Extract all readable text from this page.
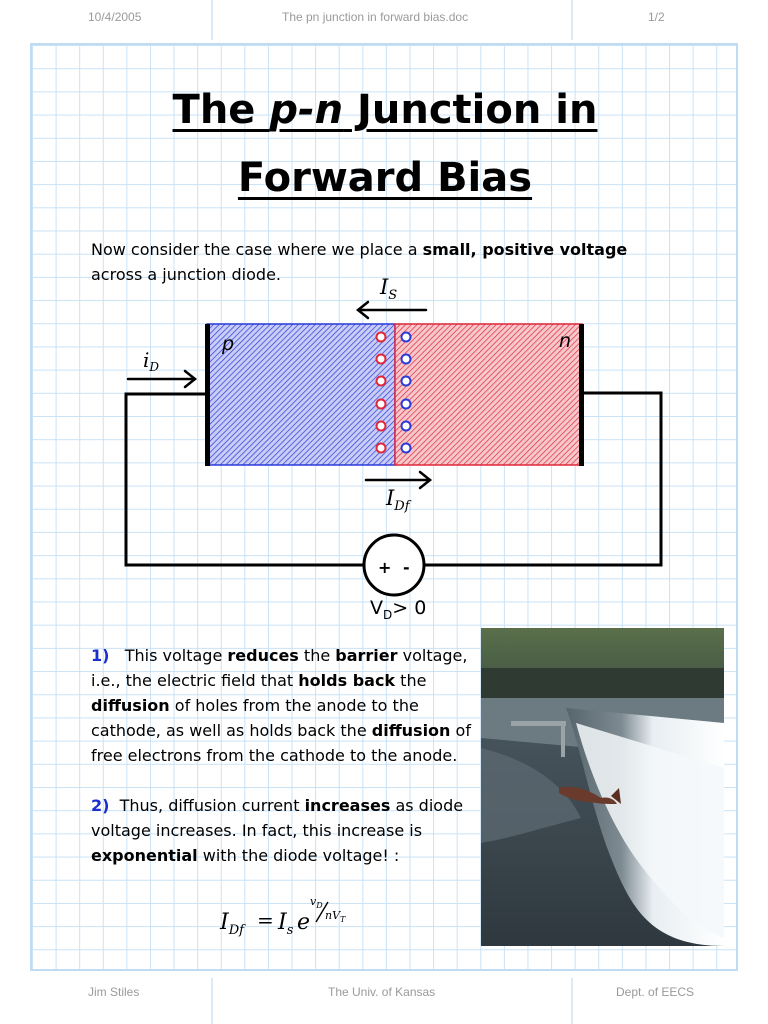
10/4/2005	The pn junction in forward bias.doc	1/2
The p-n Junction in
Forward Bias
Now consider the case where we place a small, positive voltage
across a junction diode.
p	n
+ -
$I_S$
$i_D$
$I_{Df}$
$V_D> 0$
1) This voltage reduces the barrier voltage,
i.e., the electric field that holds back the
diffusion of holes from the anode to the
cathode, as well as holds back the diffusion of
free electrons from the cathode to the anode.
2) Thus, diffusion current increases as diode
voltage increases. In fact, this increase is
exponential with the diode voltage! :
$I_{Df} = I_s$ e
$v_D$
$nV_T$
Jim Stiles	The Univ. of Kansas	Dept. of EECS
